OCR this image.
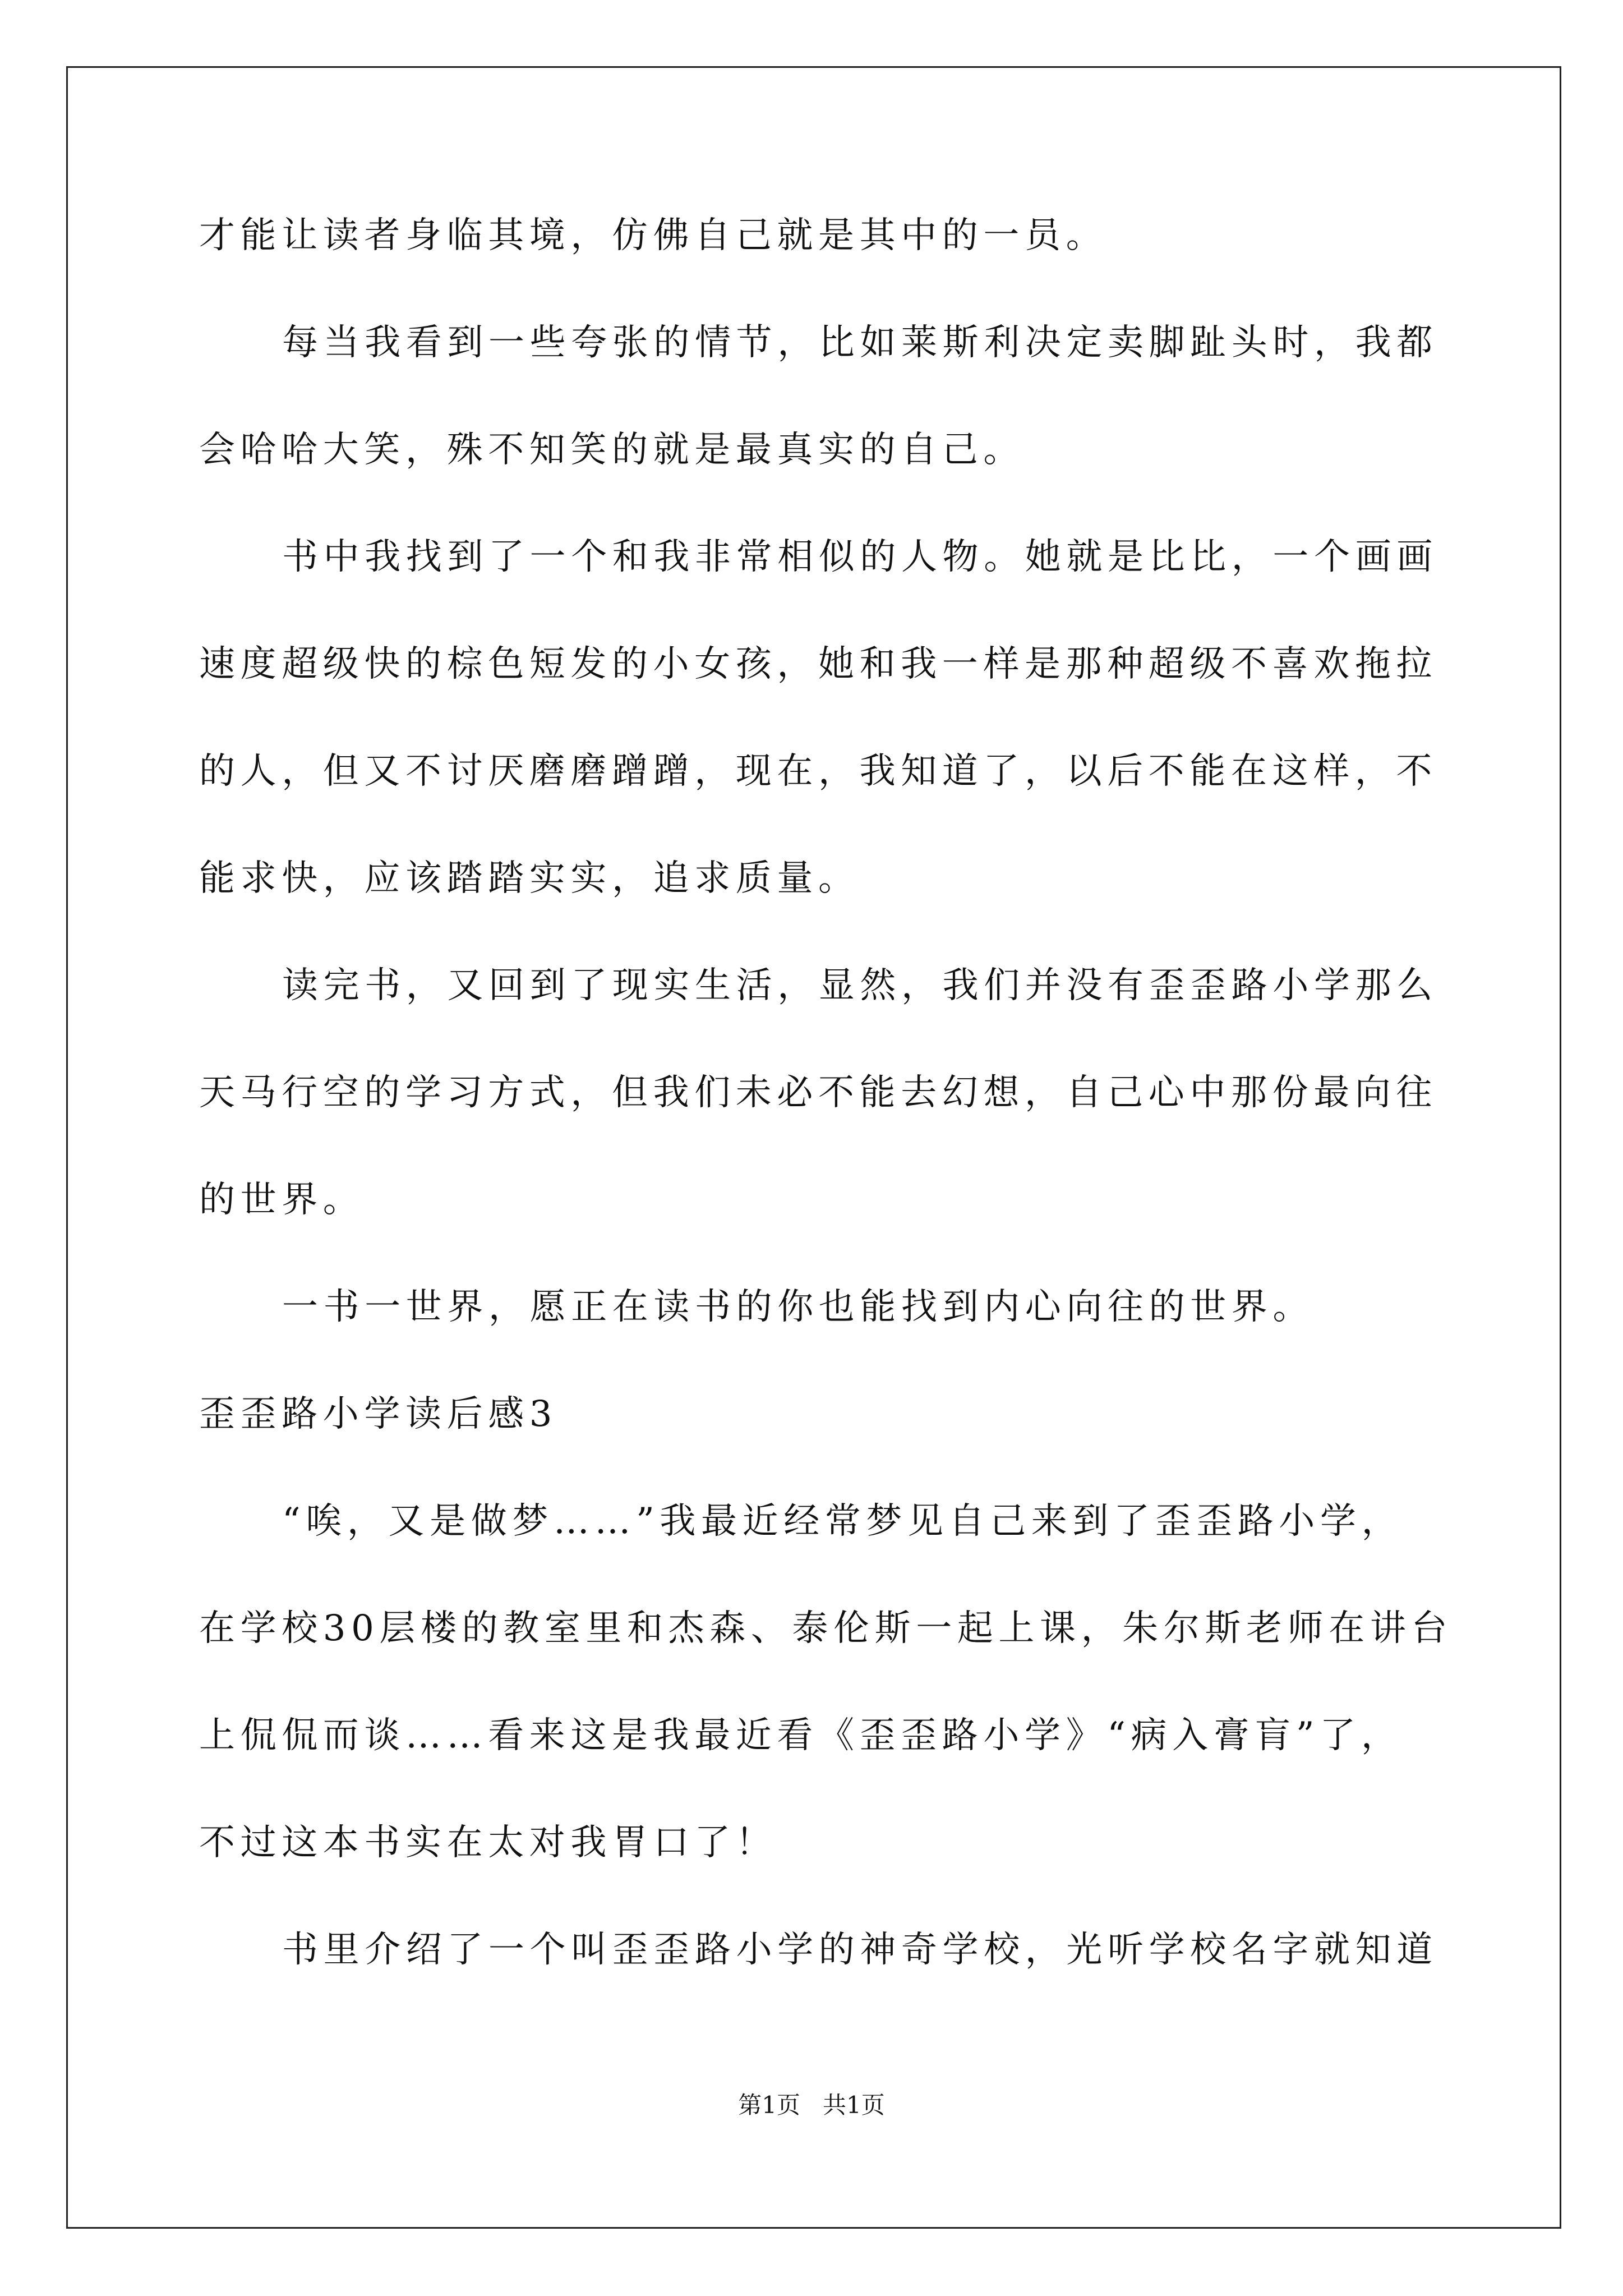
才能让读者身临其境，仿佛自己就是其中的一员。
每当我看到一些夸张的情节，比如莱斯利决定卖脚趾头时，我都
会哈哈大笑，殊不知笑的就是最真实的自己。
书中我找到了一个和我非常相似的人物。她就是比比，一个画画
速度超级快的棕色短发的小女孩，她和我一样是那种超级不喜欢拖拉
的人，但又不讨厌磨磨蹭蹭，现在，我知道了，以后不能在这样，不
能求快，应该踏踏实实，追求质量。
读完书，又回到了现实生活，显然，我们并没有歪歪路小学那么
天马行空的学习方式，但我们未必不能去幻想，自己心中那份最向往
的世界。
一书一世界，愿正在读书的你也能找到内心向往的世界。
歪歪路小学读后感3
“唉，又是做梦……”我最近经常梦见自己来到了歪歪路小学，
在学校30层楼的教室里和杰森、泰伦斯一起上课，朱尔斯老师在讲台
上侃侃而谈……看来这是我最近看《歪歪路小学》“病入膏肓”了，
不过这本书实在太对我胃口了！
书里介绍了一个叫歪歪路小学的神奇学校，光听学校名字就知道
第1页   共1页
